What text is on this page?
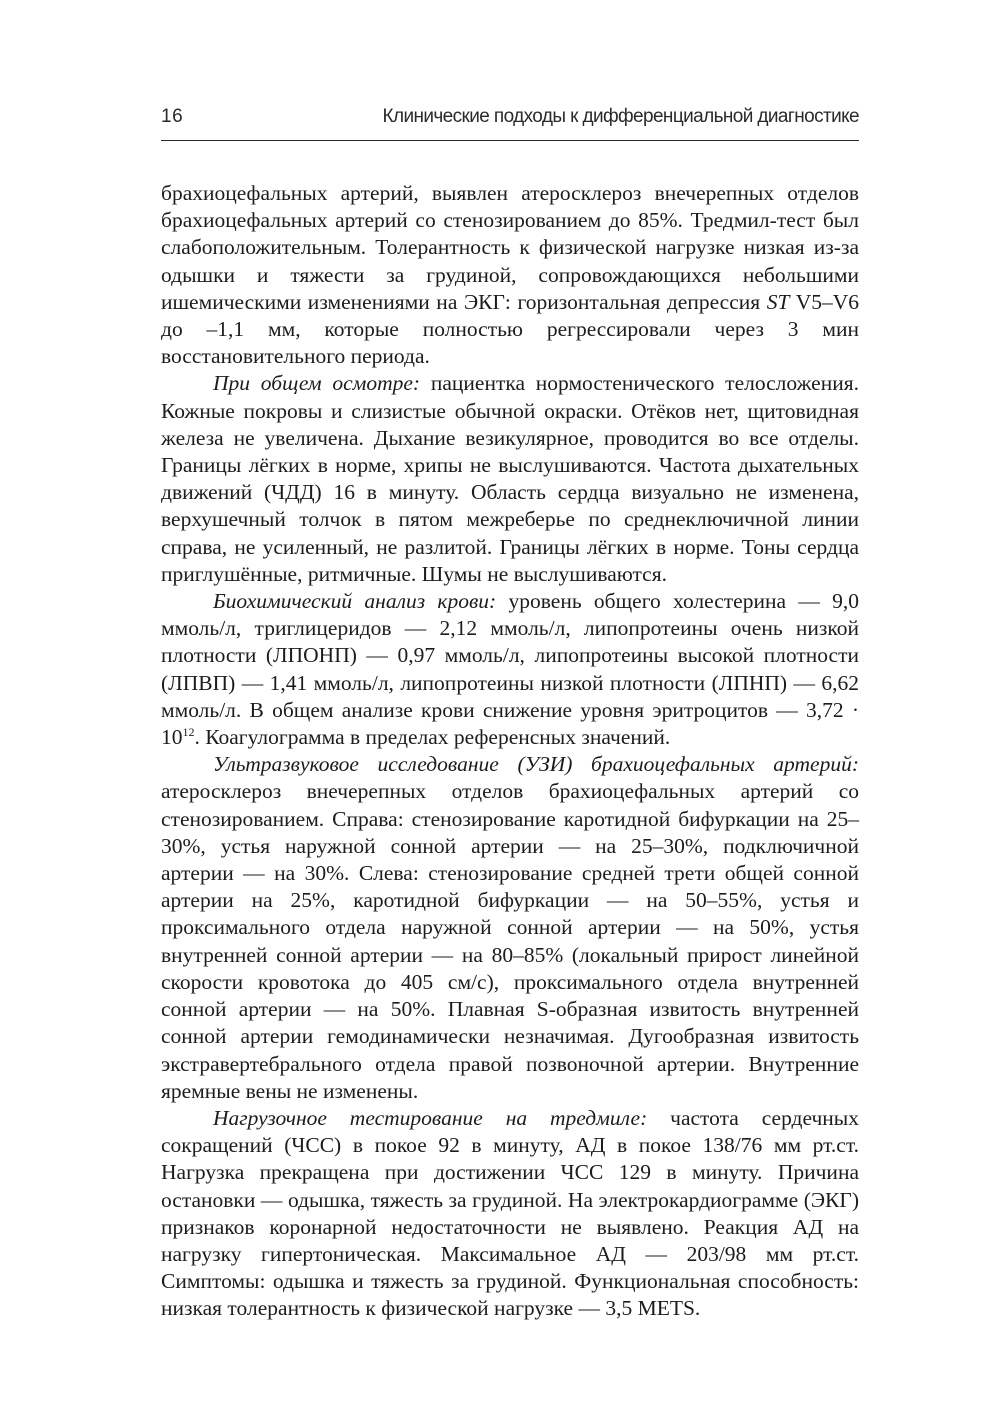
16	Клинические подходы к дифференциальной диагностике

брахиоцефальных артерий, выявлен атеросклероз внечерепных отделов брахиоцефальных артерий со стенозированием до 85%. Тредмил-тест был слабоположительным. Толерантность к физической нагрузке низкая из-за одышки и тяжести за грудиной, сопровождающихся небольшими ишемическими изменениями на ЭКГ: горизонтальная депрессия ST V5–V6 до –1,1 мм, которые полностью регрессировали через 3 мин восстановительного периода.

При общем осмотре: пациентка нормостенического телосложения. Кожные покровы и слизистые обычной окраски. Отёков нет, щитовидная железа не увеличена. Дыхание везикулярное, проводится во все отделы. Границы лёгких в норме, хрипы не выслушиваются. Частота дыхательных движений (ЧДД) 16 в минуту. Область сердца визуально не изменена, верхушечный толчок в пятом межреберье по среднеключичной линии справа, не усиленный, не разлитой. Границы лёгких в норме. Тоны сердца приглушённые, ритмичные. Шумы не выслушиваются.

Биохимический анализ крови: уровень общего холестерина — 9,0 ммоль/л, триглицеридов — 2,12 ммоль/л, липопротеины очень низкой плотности (ЛПОНП) — 0,97 ммоль/л, липопротеины высокой плотности (ЛПВП) — 1,41 ммоль/л, липопротеины низкой плотности (ЛПНП) — 6,62 ммоль/л. В общем анализе крови снижение уровня эритроцитов — $3,72 \cdot 10^{12}$. Коагулограмма в пределах референсных значений.

Ультразвуковое исследование (УЗИ) брахиоцефальных артерий: атеросклероз внечерепных отделов брахиоцефальных артерий со стенозированием. Справа: стенозирование каротидной бифуркации на 25–30%, устья наружной сонной артерии — на 25–30%, подключичной артерии — на 30%. Слева: стенозирование средней трети общей сонной артерии на 25%, каротидной бифуркации — на 50–55%, устья и проксимального отдела наружной сонной артерии — на 50%, устья внутренней сонной артерии — на 80–85% (локальный прирост линейной скорости кровотока до 405 см/с), проксимального отдела внутренней сонной артерии — на 50%. Плавная S-образная извитость внутренней сонной артерии гемодинамически незначимая. Дугообразная извитость экстравертебрального отдела правой позвоночной артерии. Внутренние яремные вены не изменены.

Нагрузочное тестирование на тредмиле: частота сердечных сокращений (ЧСС) в покое 92 в минуту, АД в покое 138/76 мм рт.ст. Нагрузка прекращена при достижении ЧСС 129 в минуту. Причина остановки — одышка, тяжесть за грудиной. На электрокардиограмме (ЭКГ) признаков коронарной недостаточности не выявлено. Реакция АД на нагрузку гипертоническая. Максимальное АД — 203/98 мм рт.ст. Симптомы: одышка и тяжесть за грудиной. Функциональная способность: низкая толерантность к физической нагрузке — 3,5 METS.
